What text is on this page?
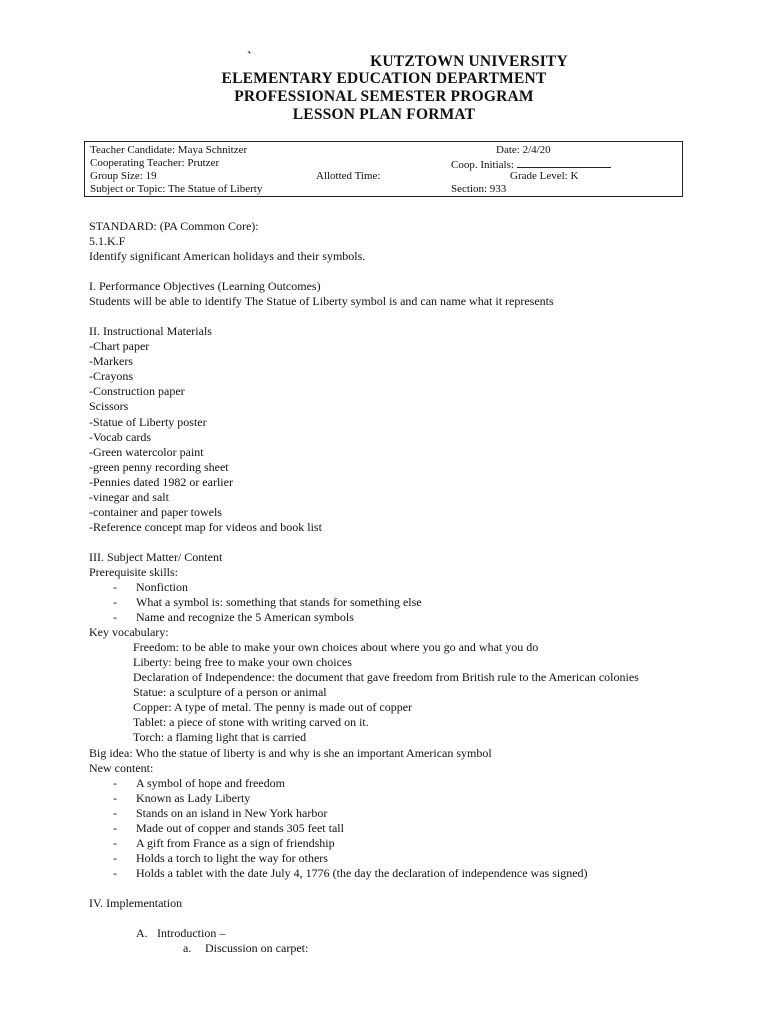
`	KUTZTOWN UNIVERSITY
ELEMENTARY EDUCATION DEPARTMENT
PROFESSIONAL SEMESTER PROGRAM
LESSON PLAN FORMAT
Teacher Candidate: Maya Schnitzer	Date: 2/4/20
Cooperating Teacher: Prutzer	Coop. Initials:
Group Size: 19	Allotted Time:	Grade Level: K
Subject or Topic: The Statue of Liberty	Section: 933
STANDARD: (PA Common Core):
5.1.K.F
Identify significant American holidays and their symbols.
I. Performance Objectives (Learning Outcomes)
Students will be able to identify The Statue of Liberty symbol is and can name what it represents
II. Instructional Materials
-Chart paper
-Markers
-Crayons
-Construction paper
Scissors
-Statue of Liberty poster
-Vocab cards
-Green watercolor paint
-green penny recording sheet
-Pennies dated 1982 or earlier
-vinegar and salt
-container and paper towels
-Reference concept map for videos and book list
III. Subject Matter/ Content
Prerequisite skills:
- Nonfiction
- What a symbol is: something that stands for something else
- Name and recognize the 5 American symbols
Key vocabulary:
Freedom: to be able to make your own choices about where you go and what you do
Liberty: being free to make your own choices
Declaration of Independence: the document that gave freedom from British rule to the American colonies
Statue: a sculpture of a person or animal
Copper: A type of metal. The penny is made out of copper
Tablet: a piece of stone with writing carved on it.
Torch: a flaming light that is carried
Big idea: Who the statue of liberty is and why is she an important American symbol
New content:
- A symbol of hope and freedom
- Known as Lady Liberty
- Stands on an island in New York harbor
- Made out of copper and stands 305 feet tall
- A gift from France as a sign of friendship
- Holds a torch to light the way for others
- Holds a tablet with the date July 4, 1776 (the day the declaration of independence was signed)
IV. Implementation
A. Introduction –
a. Discussion on carpet:
